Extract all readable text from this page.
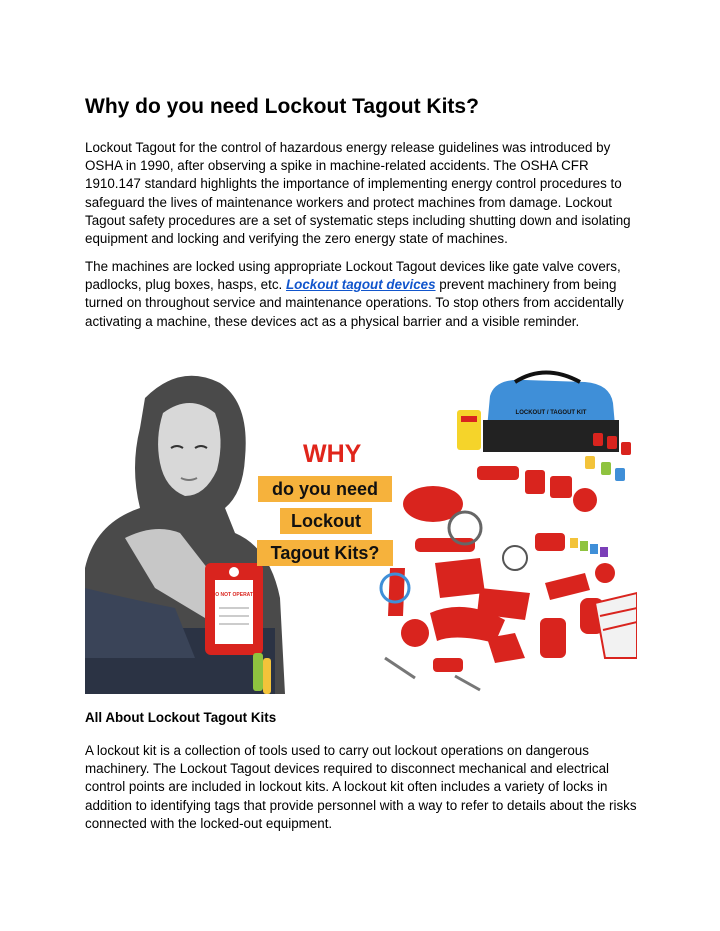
Why do you need Lockout Tagout Kits?

Lockout Tagout for the control of hazardous energy release guidelines was introduced by OSHA in 1990, after observing a spike in machine-related accidents. The OSHA CFR 1910.147 standard highlights the importance of implementing energy control procedures to safeguard the lives of maintenance workers and protect machines from damage. Lockout Tagout safety procedures are a set of systematic steps including shutting down and isolating equipment and locking and verifying the zero energy state of machines.

The machines are locked using appropriate Lockout Tagout devices like gate valve covers, padlocks, plug boxes, hasps, etc. Lockout tagout devices prevent machinery from being turned on throughout service and maintenance operations. To stop others from accidentally activating a machine, these devices act as a physical barrier and a visible reminder.

DO NOT OPERATE
WHY
do you need
Lockout
Tagout Kits?
LOCKOUT / TAGOUT KIT
All About Lockout Tagout Kits

A lockout kit is a collection of tools used to carry out lockout operations on dangerous machinery. The Lockout Tagout devices required to disconnect mechanical and electrical control points are included in lockout kits. A lockout kit often includes a variety of locks in addition to identifying tags that provide personnel with a way to refer to details about the risks connected with the locked-out equipment.
